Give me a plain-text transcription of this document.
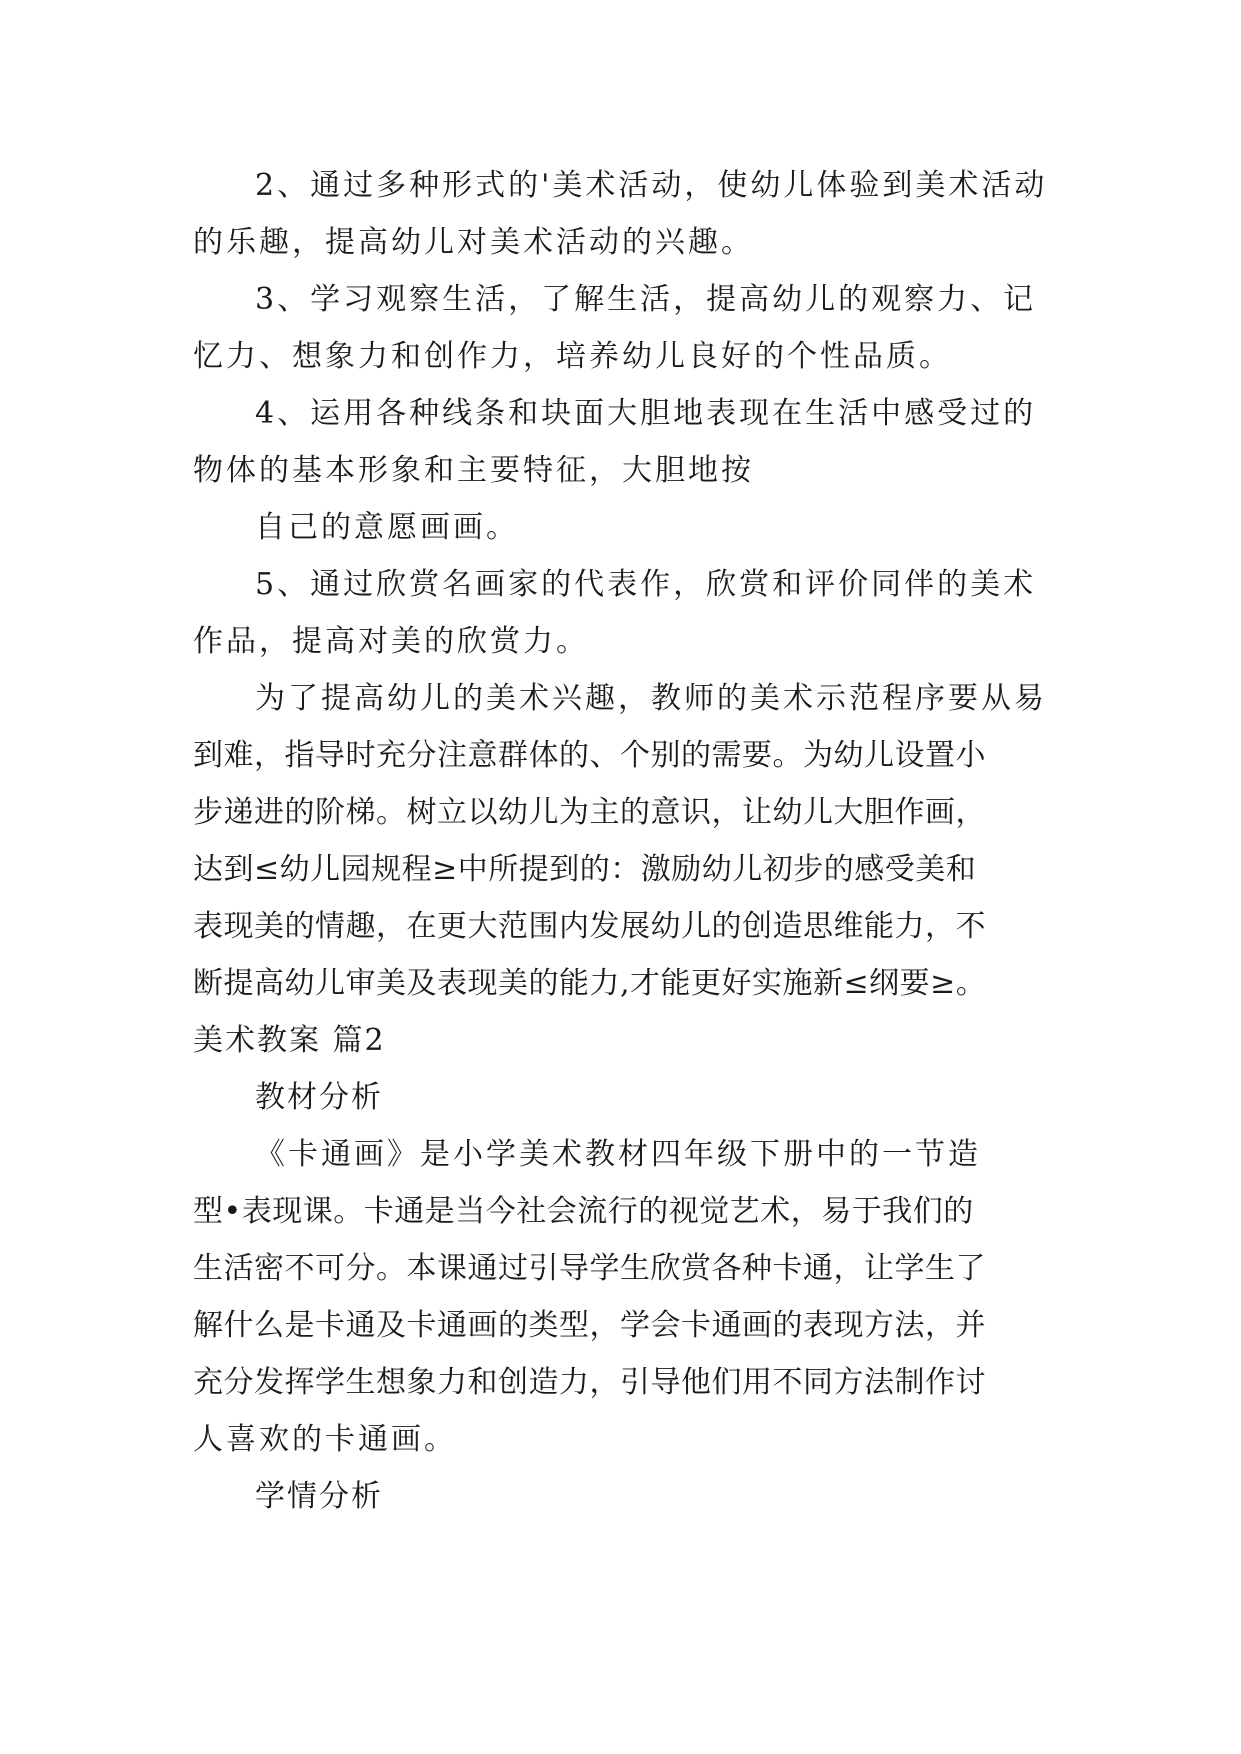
2、通过多种形式的'美术活动，使幼儿体验到美术活动
的乐趣，提高幼儿对美术活动的兴趣。
3、学习观察生活，了解生活，提高幼儿的观察力、记
忆力、想象力和创作力，培养幼儿良好的个性品质。
4、运用各种线条和块面大胆地表现在生活中感受过的
物体的基本形象和主要特征，大胆地按
自己的意愿画画。
5、通过欣赏名画家的代表作，欣赏和评价同伴的美术
作品，提高对美的欣赏力。
为了提高幼儿的美术兴趣，教师的美术示范程序要从易
到难，指导时充分注意群体的、个别的需要。为幼儿设置小
步递进的阶梯。树立以幼儿为主的意识，让幼儿大胆作画，
达到≤幼儿园规程≥中所提到的：激励幼儿初步的感受美和
表现美的情趣，在更大范围内发展幼儿的创造思维能力，不
断提高幼儿审美及表现美的能力,才能更好实施新≤纲要≥。
美术教案 篇2
教材分析
《卡通画》是小学美术教材四年级下册中的一节造
型•表现课。卡通是当今社会流行的视觉艺术，易于我们的
生活密不可分。本课通过引导学生欣赏各种卡通，让学生了
解什么是卡通及卡通画的类型，学会卡通画的表现方法，并
充分发挥学生想象力和创造力，引导他们用不同方法制作讨
人喜欢的卡通画。
学情分析
